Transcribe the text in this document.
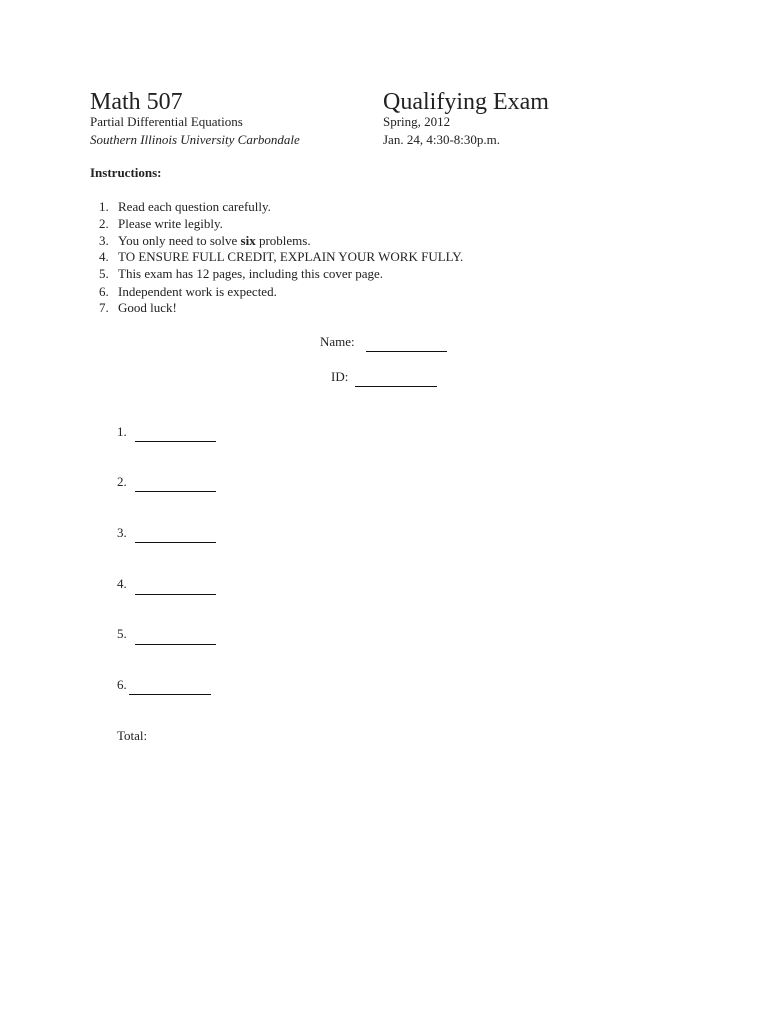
Math 507	Qualifying Exam
Partial Differential Equations	Spring, 2012
Southern Illinois University Carbondale	Jan. 24, 4:30-8:30p.m.
Instructions:
1. Read each question carefully.
2. Please write legibly.
3. You only need to solve six problems.
4. TO ENSURE FULL CREDIT, EXPLAIN YOUR WORK FULLY.
5. This exam has 12 pages, including this cover page.
6. Independent work is expected.
7. Good luck!
Name:
ID:
1.
2.
3.
4.
5.
6.
Total:
